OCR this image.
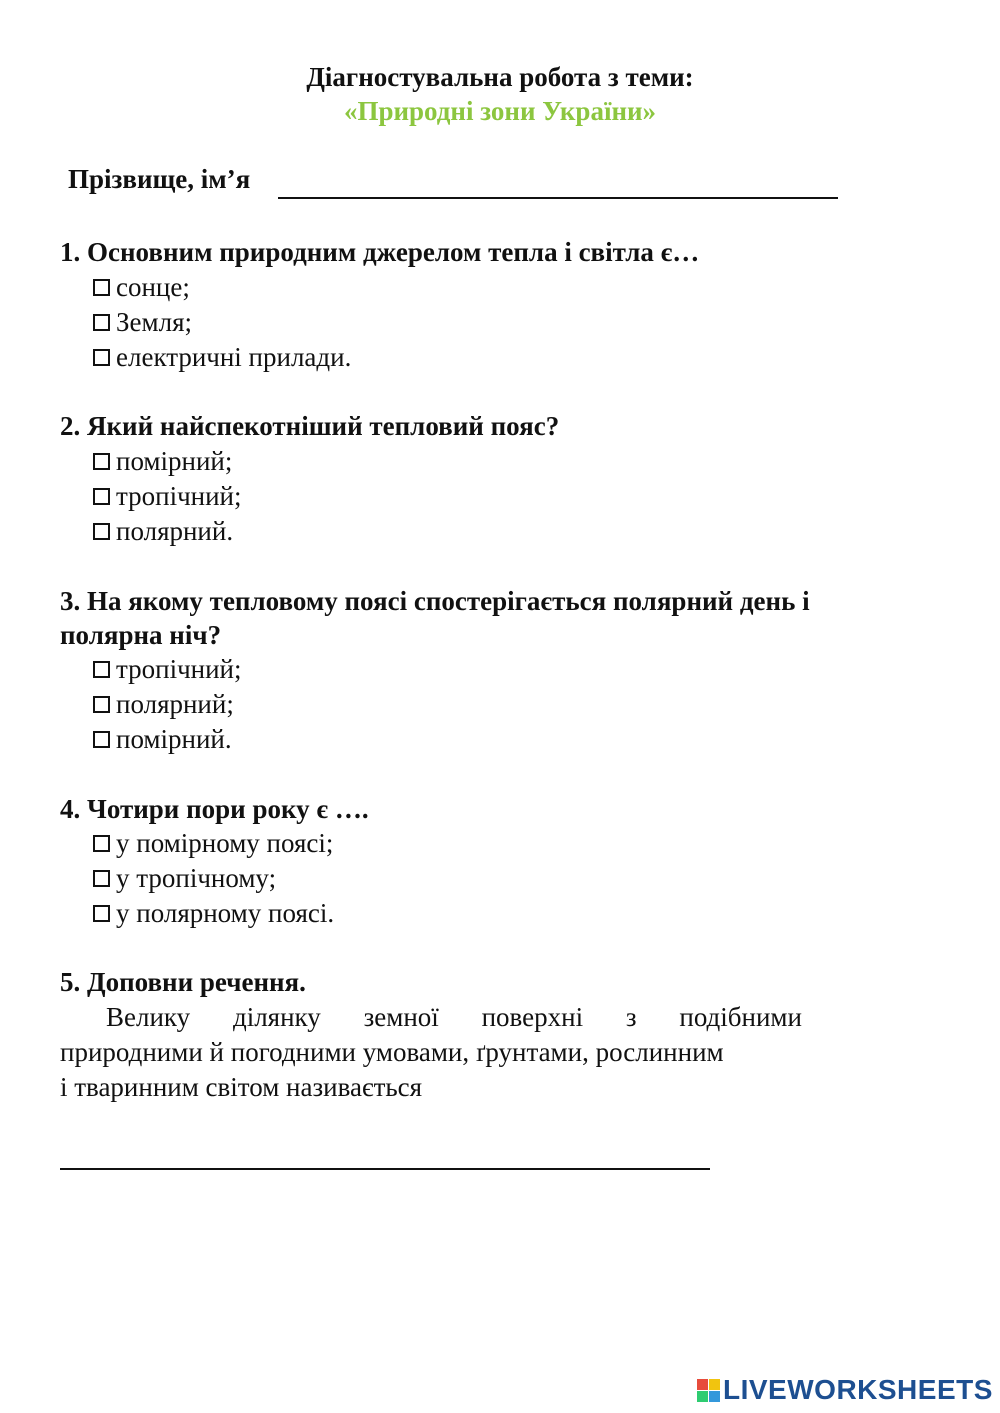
Діагностувальна робота з теми:
«Природні зони України»
Прізвище, ім’я
1. Основним природним джерелом тепла і світла є…
сонце;
Земля;
електричні прилади.
2. Який найспекотніший тепловий пояс?
помірний;
тропічний;
полярний.
3. На якому тепловому поясі спостерігається полярний день і
полярна ніч?
тропічний;
полярний;
помірний.
4. Чотири пори року є ….
у помірному поясі;
у тропічному;
у полярному поясі.
5. Доповни речення.
Велику ділянку земної поверхні з подібними
природними й погодними умовами, ґрунтами, рослинним
і тваринним світом називається
LIVEWORKSHEETS
